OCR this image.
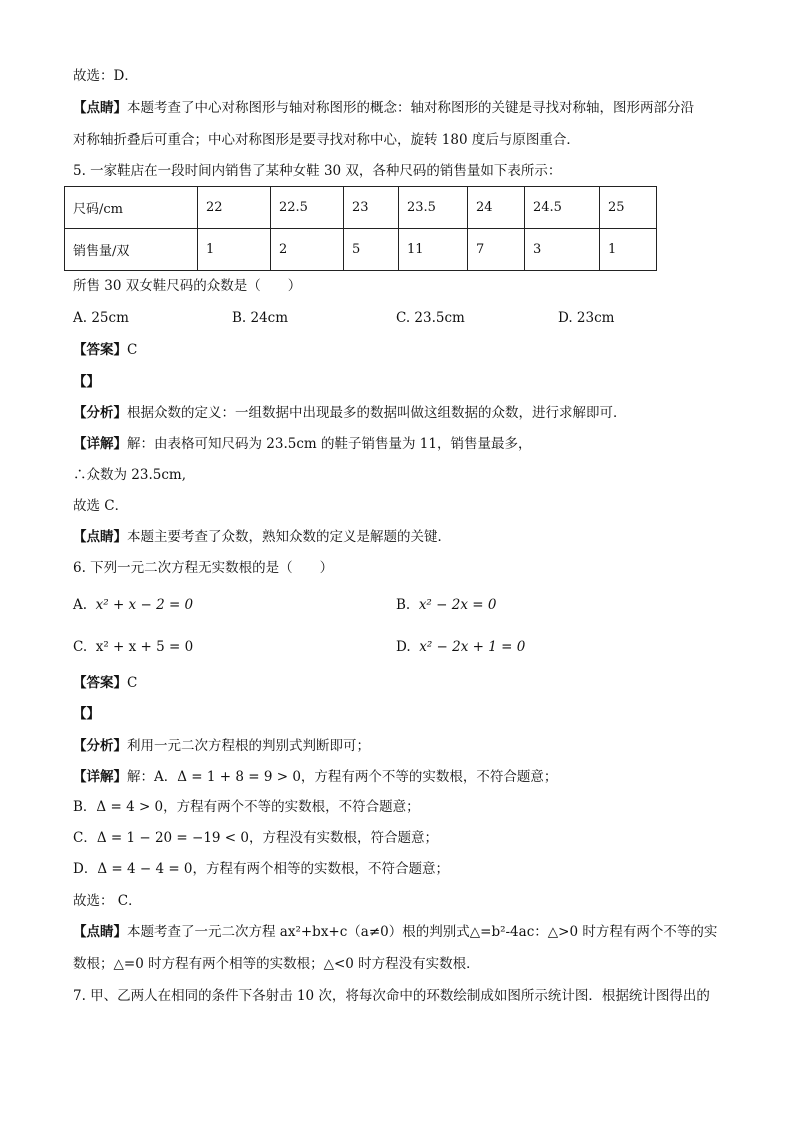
故选：D．
【点睛】本题考查了中心对称图形与轴对称图形的概念：轴对称图形的关键是寻找对称轴，图形两部分沿
对称轴折叠后可重合；中心对称图形是要寻找对称中心，旋转 180 度后与原图重合．
5. 一家鞋店在一段时间内销售了某种女鞋 30 双，各种尺码的销售量如下表所示：
尺码/cm	22	22.5	23	23.5	24	24.5	25
销售量/双	1	2	5	11	7	3	1
所售 30 双女鞋尺码的众数是（　　）
A. 25cm	B. 24cm	C. 23.5cm	D. 23cm
【答案】C
【】
【分析】根据众数的定义：一组数据中出现最多的数据叫做这组数据的众数，进行求解即可．
【详解】解：由表格可知尺码为 23.5cm 的鞋子销售量为 11，销售量最多，
∴众数为 23.5cm,
故选 C．
【点睛】本题主要考查了众数，熟知众数的定义是解题的关键．
6. 下列一元二次方程无实数根的是（　　）
A. x² + x − 2 = 0	B. x² − 2x = 0
C. x² + x + 5 = 0	D. x² − 2x + 1 = 0
【答案】C
【】
【分析】利用一元二次方程根的判别式判断即可；
【详解】解：A．Δ = 1 + 8 = 9 > 0，方程有两个不等的实数根，不符合题意；
B．Δ = 4 > 0，方程有两个不等的实数根，不符合题意；
C．Δ = 1 − 20 = −19 < 0，方程没有实数根，符合题意；
D．Δ = 4 − 4 = 0，方程有两个相等的实数根，不符合题意；
故选： C．
【点睛】本题考查了一元二次方程 ax²+bx+c（a≠0）根的判别式△=b²-4ac：△>0 时方程有两个不等的实
数根；△=0 时方程有两个相等的实数根；△<0 时方程没有实数根．
7. 甲、乙两人在相同的条件下各射击 10 次，将每次命中的环数绘制成如图所示统计图．根据统计图得出的
